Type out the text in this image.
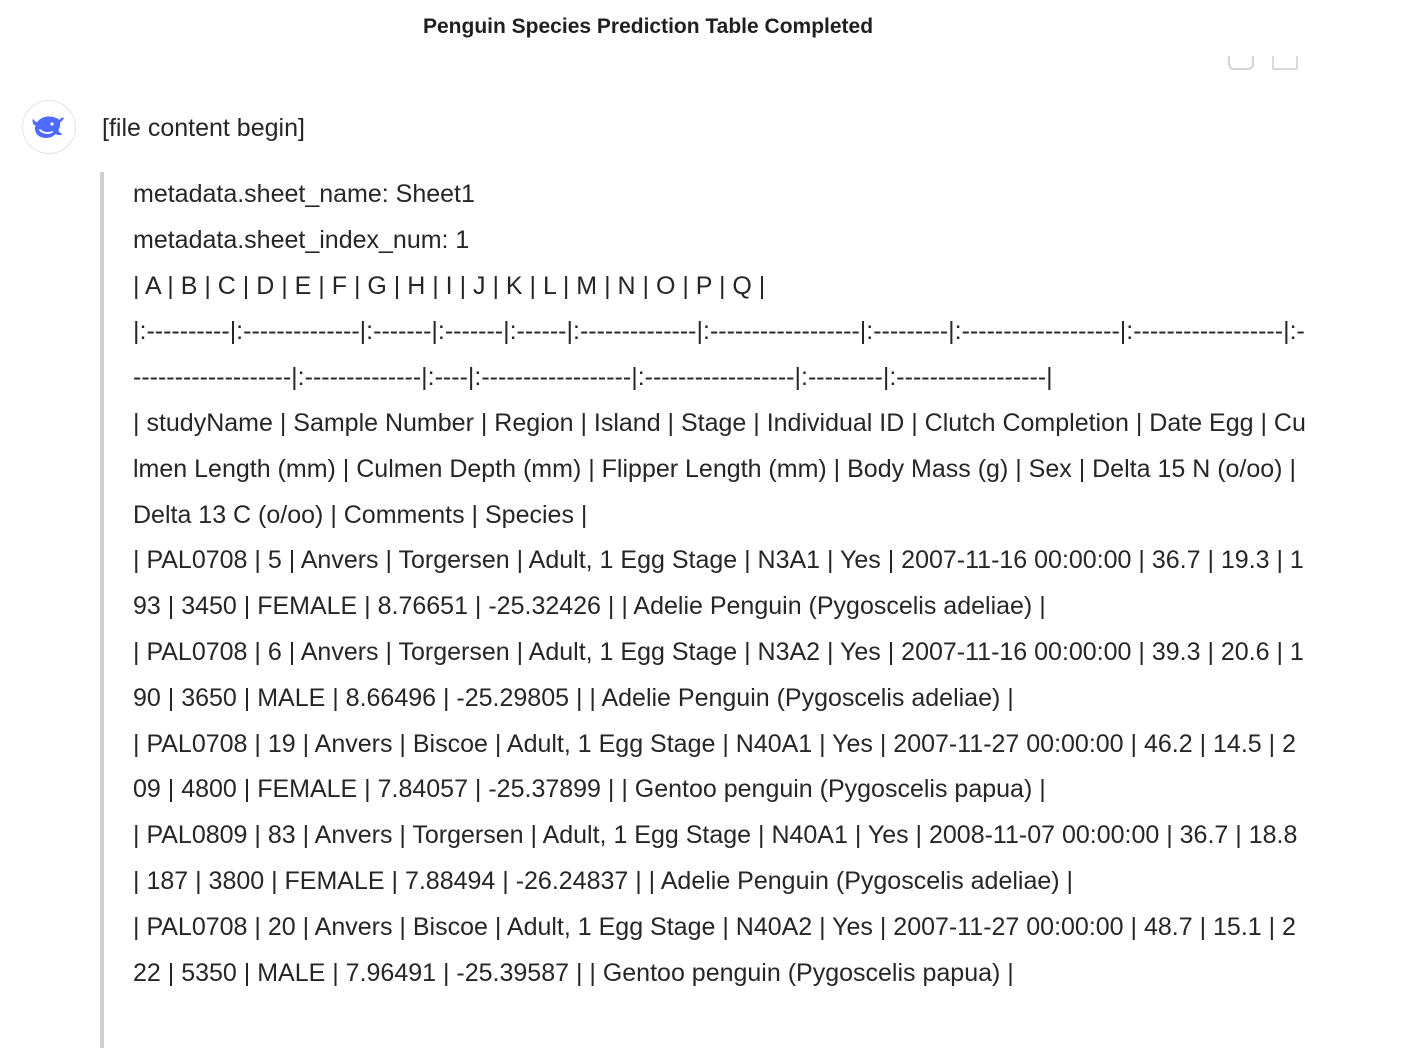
Penguin Species Prediction Table Completed
[file content begin]

metadata.sheet_name: Sheet1

metadata.sheet_index_num: 1

| A | B | C | D | E | F | G | H | I | J | K | L | M | N | O | P | Q |

|:----------|:--------------|:-------|:-------|:------|:--------------|:------------------|:---------|:-------------------|:------------------|:--------------------|:--------------|:----|:------------------|:------------------|:---------|:------------------|

| studyName | Sample Number | Region | Island | Stage | Individual ID | Clutch Completion | Date Egg | Culmen Length (mm) | Culmen Depth (mm) | Flipper Length (mm) | Body Mass (g) | Sex | Delta 15 N (o/oo) | Delta 13 C (o/oo) | Comments | Species |

| PAL0708 | 5 | Anvers | Torgersen | Adult, 1 Egg Stage | N3A1 | Yes | 2007-11-16 00:00:00 | 36.7 | 19.3 | 193 | 3450 | FEMALE | 8.76651 | -25.32426 | | Adelie Penguin (Pygoscelis adeliae) |

| PAL0708 | 6 | Anvers | Torgersen | Adult, 1 Egg Stage | N3A2 | Yes | 2007-11-16 00:00:00 | 39.3 | 20.6 | 190 | 3650 | MALE | 8.66496 | -25.29805 | | Adelie Penguin (Pygoscelis adeliae) |

| PAL0708 | 19 | Anvers | Biscoe | Adult, 1 Egg Stage | N40A1 | Yes | 2007-11-27 00:00:00 | 46.2 | 14.5 | 209 | 4800 | FEMALE | 7.84057 | -25.37899 | | Gentoo penguin (Pygoscelis papua) |

| PAL0809 | 83 | Anvers | Torgersen | Adult, 1 Egg Stage | N40A1 | Yes | 2008-11-07 00:00:00 | 36.7 | 18.8 | 187 | 3800 | FEMALE | 7.88494 | -26.24837 | | Adelie Penguin (Pygoscelis adeliae) |

| PAL0708 | 20 | Anvers | Biscoe | Adult, 1 Egg Stage | N40A2 | Yes | 2007-11-27 00:00:00 | 48.7 | 15.1 | 222 | 5350 | MALE | 7.96491 | -25.39587 | | Gentoo penguin (Pygoscelis papua) |
